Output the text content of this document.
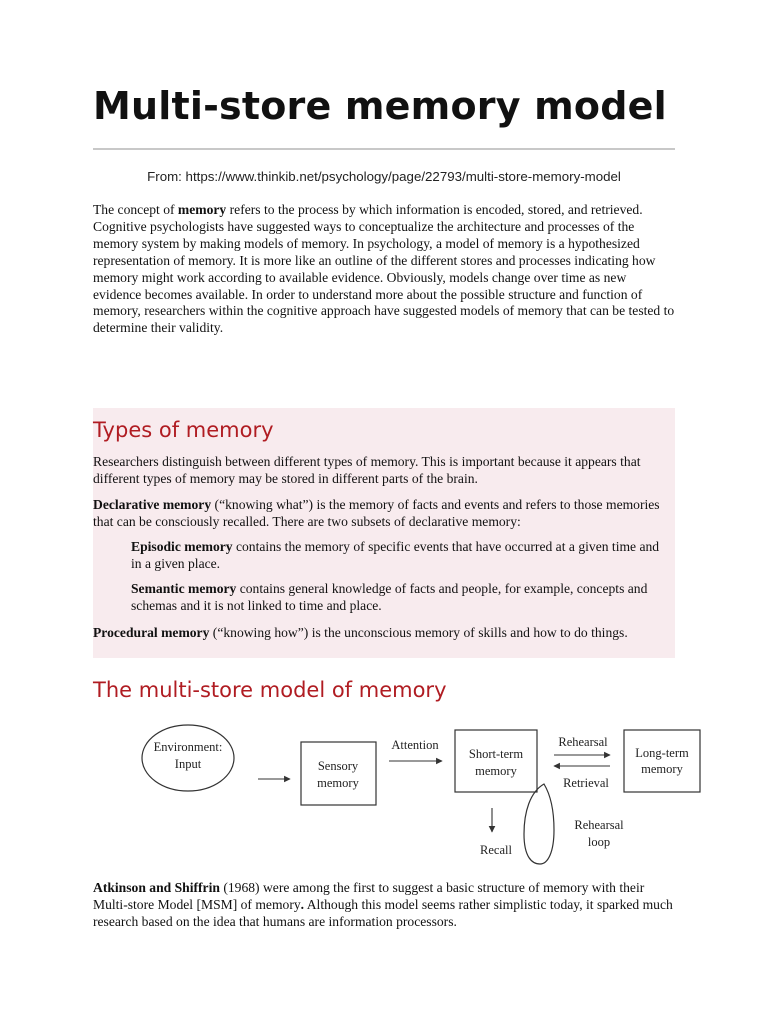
Multi-store memory model
From: https://www.thinkib.net/psychology/page/22793/multi-store-memory-model

The concept of memory refers to the process by which information is encoded, stored, and retrieved. Cognitive psychologists have suggested ways to conceptualize the architecture and processes of the memory system by making models of memory. In psychology, a model of memory is a hypothesized representation of memory. It is more like an outline of the different stores and processes indicating how memory might work according to available evidence. Obviously, models change over time as new evidence becomes available. In order to understand more about the possible structure and function of memory, researchers within the cognitive approach have suggested models of memory that can be tested to determine their validity.

Types of memory

Researchers distinguish between different types of memory. This is important because it appears that different types of memory may be stored in different parts of the brain.

Declarative memory (“knowing what”) is the memory of facts and events and refers to those memories that can be consciously recalled. There are two subsets of declarative memory:

Episodic memory contains the memory of specific events that have occurred at a given time and in a given place.

Semantic memory contains general knowledge of facts and people, for example, concepts and schemas and it is not linked to time and place.

Procedural memory (“knowing how”) is the unconscious memory of skills and how to do things.

The multi-store model of memory
Environment:
Input	Sensory
memory
Attention
Short-term
memory
Rehearsal
Retrieval
Long-term
memory
Recall
Rehearsal
loop

Atkinson and Shiffrin (1968) were among the first to suggest a basic structure of memory with their Multi-store Model [MSM] of memory. Although this model seems rather simplistic today, it sparked much research based on the idea that humans are information processors.
